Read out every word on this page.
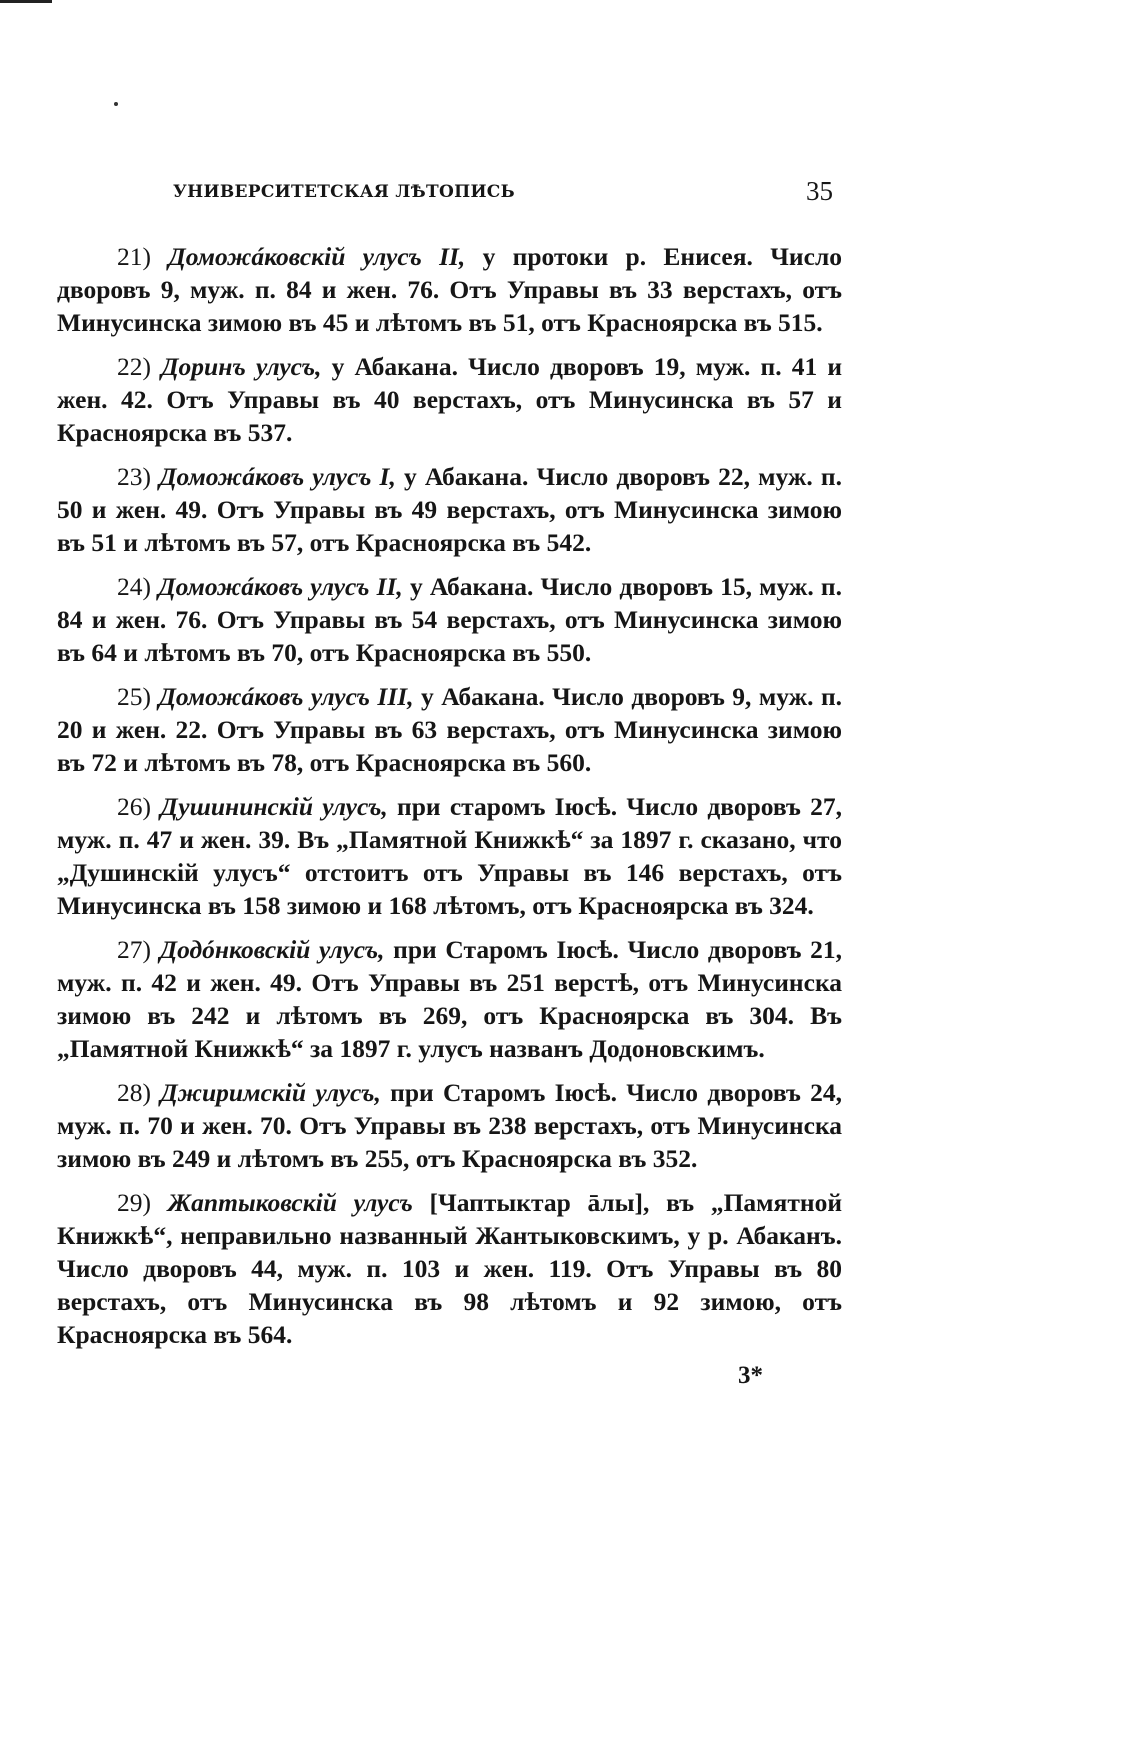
УНИВЕРСИТЕТСКАЯ ЛѢТОПИСЬ	35

21) Доможáковскій улусъ II, у протоки р. Енисея. Число дворовъ 9, муж. п. 84 и жен. 76. Отъ Управы въ 33 верстахъ, отъ Минусинска зимою въ 45 и лѣтомъ въ 51, отъ Красноярска въ 515.

22) Доринъ улусъ, у Абакана. Число дворовъ 19, муж. п. 41 и жен. 42. Отъ Управы въ 40 верстахъ, отъ Минусинска въ 57 и Красноярска въ 537.

23) Доможáковъ улусъ I, у Абакана. Число дворовъ 22, муж. п. 50 и жен. 49. Отъ Управы въ 49 верстахъ, отъ Минусинска зимою въ 51 и лѣтомъ въ 57, отъ Красноярска въ 542.

24) Доможáковъ улусъ II, у Абакана. Число дворовъ 15, муж. п. 84 и жен. 76. Отъ Управы въ 54 верстахъ, отъ Минусинска зимою въ 64 и лѣтомъ въ 70, отъ Красноярска въ 550.

25) Доможáковъ улусъ III, у Абакана. Число дворовъ 9, муж. п. 20 и жен. 22. Отъ Управы въ 63 верстахъ, отъ Минусинска зимою въ 72 и лѣтомъ въ 78, отъ Красноярска въ 560.

26) Душининскій улусъ, при старомъ Іюсѣ. Число дворовъ 27, муж. п. 47 и жен. 39. Въ „Памятной Книжкѣ“ за 1897 г. сказано, что „Душинскій улусъ“ отстоитъ отъ Управы въ 146 верстахъ, отъ Минусинска въ 158 зимою и 168 лѣтомъ, отъ Красноярска въ 324.

27) Додóнковскій улусъ, при Старомъ Іюсѣ. Число дворовъ 21, муж. п. 42 и жен. 49. Отъ Управы въ 251 верстѣ, отъ Минусинска зимою въ 242 и лѣтомъ въ 269, отъ Красноярска въ 304. Въ „Памятной Книжкѣ“ за 1897 г. улусъ названъ Додоновскимъ.

28) Джиримскій улусъ, при Старомъ Іюсѣ. Число дворовъ 24, муж. п. 70 и жен. 70. Отъ Управы въ 238 верстахъ, отъ Минусинска зимою въ 249 и лѣтомъ въ 255, отъ Красноярска въ 352.

29) Жаптыковскій улусъ [Чаптыктар āлы], въ „Памятной Книжкѣ“, неправильно названный Жантыковскимъ, у р. Абаканъ. Число дворовъ 44, муж. п. 103 и жен. 119. Отъ Управы въ 80 верстахъ, отъ Минусинска въ 98 лѣтомъ и 92 зимою, отъ Красноярска въ 564.

3*
